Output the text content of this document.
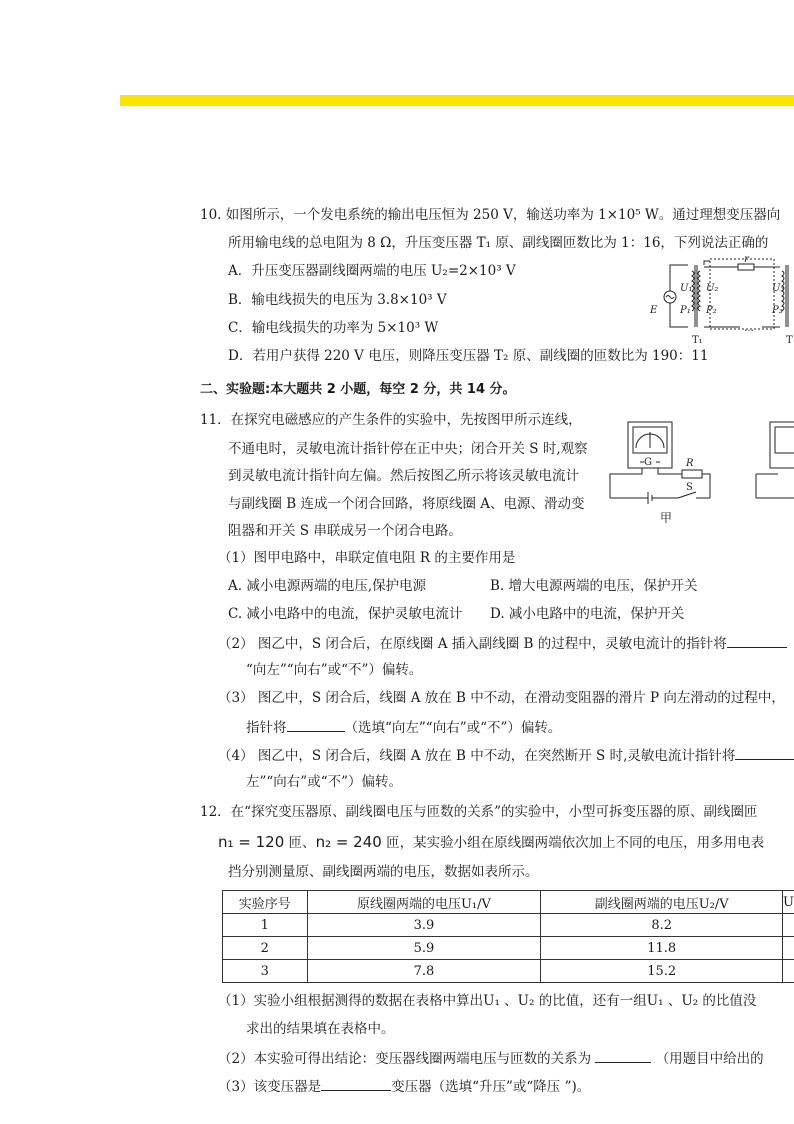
10. 如图所示，一个发电系统的输出电压恒为 250 V，输送功率为 1×10⁵ W。通过理想变压器向
所用输电线的总电阻为 8 Ω，升压变压器 T₁ 原、副线圈匝数比为 1：16，下列说法正确的
A．升压变压器副线圈两端的电压 U₂=2×10³ V
B．输电线损失的电压为 3.8×10³ V
C．输电线损失的功率为 5×10³ W
D．若用户获得 220 V 电压，则降压变压器 T₂ 原、副线圈的匝数比为 190：11
E
r
U₁ U₂	U₃
P₁ P₂	P₃
…
T₁	T
二、实验题:本大题共 2 小题，每空 2 分，共 14 分。
11．在探究电磁感应的产生条件的实验中，先按图甲所示连线，
不通电时，灵敏电流计指针停在正中央；闭合开关 S 时,观察
到灵敏电流计指针向左偏。然后按图乙所示将该灵敏电流计
与副线圈 B 连成一个闭合回路，将原线圈 A、电源、滑动变
阻器和开关 S 串联成另一个闭合电路。
G	R
S
甲
（1）图甲电路中，串联定值电阻 R 的主要作用是
A. 减小电源两端的电压,保护电源	B. 增大电源两端的电压，保护开关
C. 减小电路中的电流，保护灵敏电流计 D. 减小电路中的电流，保护开关
（2） 图乙中，S 闭合后，在原线圈 A 插入副线圈 B 的过程中，灵敏电流计的指针将
“向左”“向右”或“不”）偏转。
（3） 图乙中，S 闭合后，线圈 A 放在 B 中不动，在滑动变阻器的滑片 P 向左滑动的过程中，
指针将	（选填“向左”“向右”或“不”）偏转。
（4） 图乙中，S 闭合后，线圈 A 放在 B 中不动，在突然断开 S 时,灵敏电流计指针将
左”“向右”或“不”）偏转。
12．在“探究变压器原、副线圈电压与匝数的关系”的实验中，小型可拆变压器的原、副线圈匝
n₁ = 120 匝、n₂ = 240 匝，某实验小组在原线圈两端依次加上不同的电压，用多用电表
挡分别测量原、副线圈两端的电压，数据如表所示。
实验序号	原线圈两端的电压U₁/V	副线圈两端的电压U₂/V	U
1	3.9	8.2	
2	5.9	11.8	
3	7.8	15.2	
（1）实验小组根据测得的数据在表格中算出U₁ 、U₂ 的比值，还有一组U₁ 、U₂ 的比值没
求出的结果填在表格中。
（2）本实验可得出结论：变压器线圈两端电压与匝数的关系为	（用题目中给出的
（3）该变压器是	变压器（选填“升压”或“降压 ”)。
